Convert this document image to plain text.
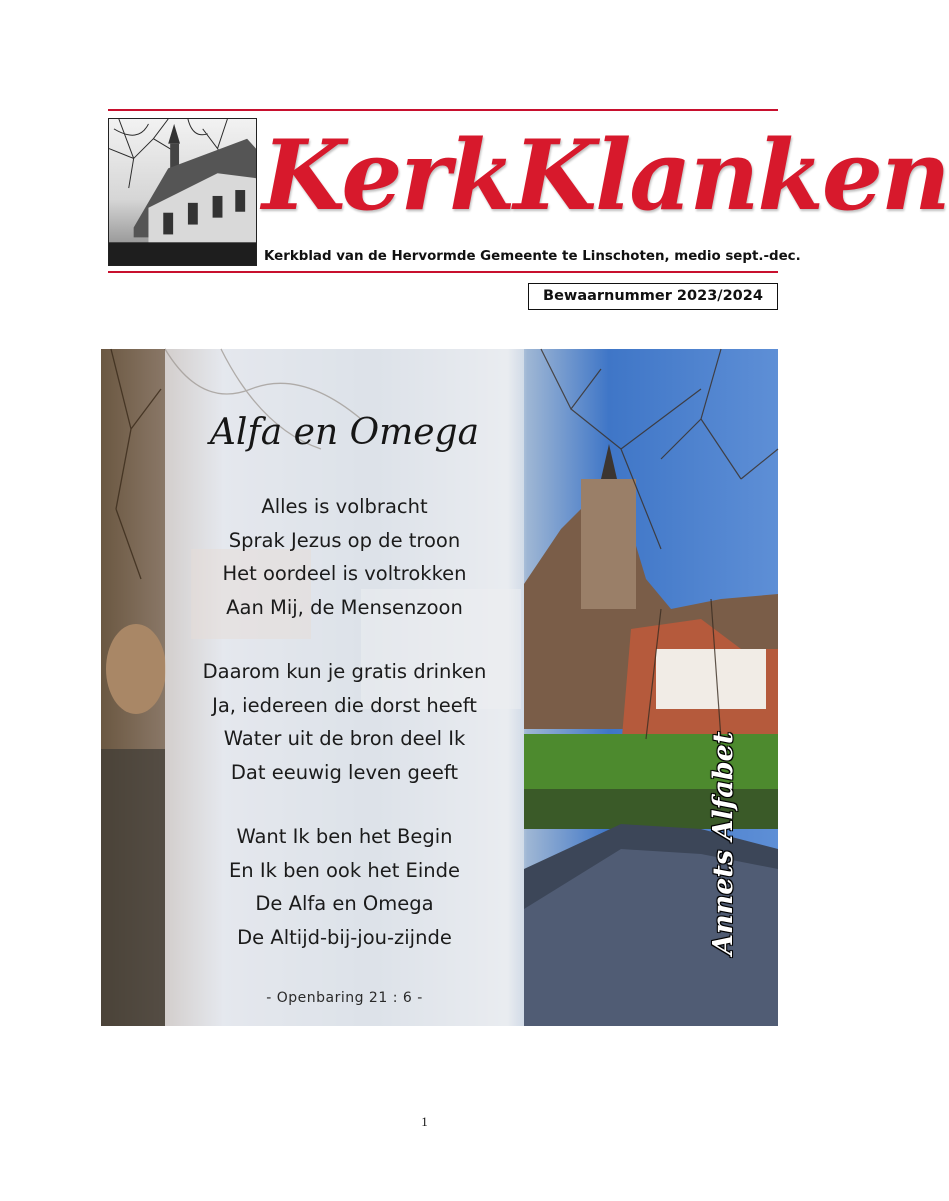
KerkKlanken
Kerkblad van de Hervormde Gemeente te Linschoten, medio sept.-dec.
Bewaarnummer 2023/2024
Alfa en Omega
Alles is volbracht
Sprak Jezus op de troon
Het oordeel is voltrokken
Aan Mij, de Mensenzoon
Daarom kun je gratis drinken
Ja, iedereen die dorst heeft
Water uit de bron deel Ik
Dat eeuwig leven geeft
Want Ik ben het Begin
En Ik ben ook het Einde
De Alfa en Omega
De Altijd-bij-jou-zijnde
- Openbaring 21 : 6 -
Annets Alfabet
1
